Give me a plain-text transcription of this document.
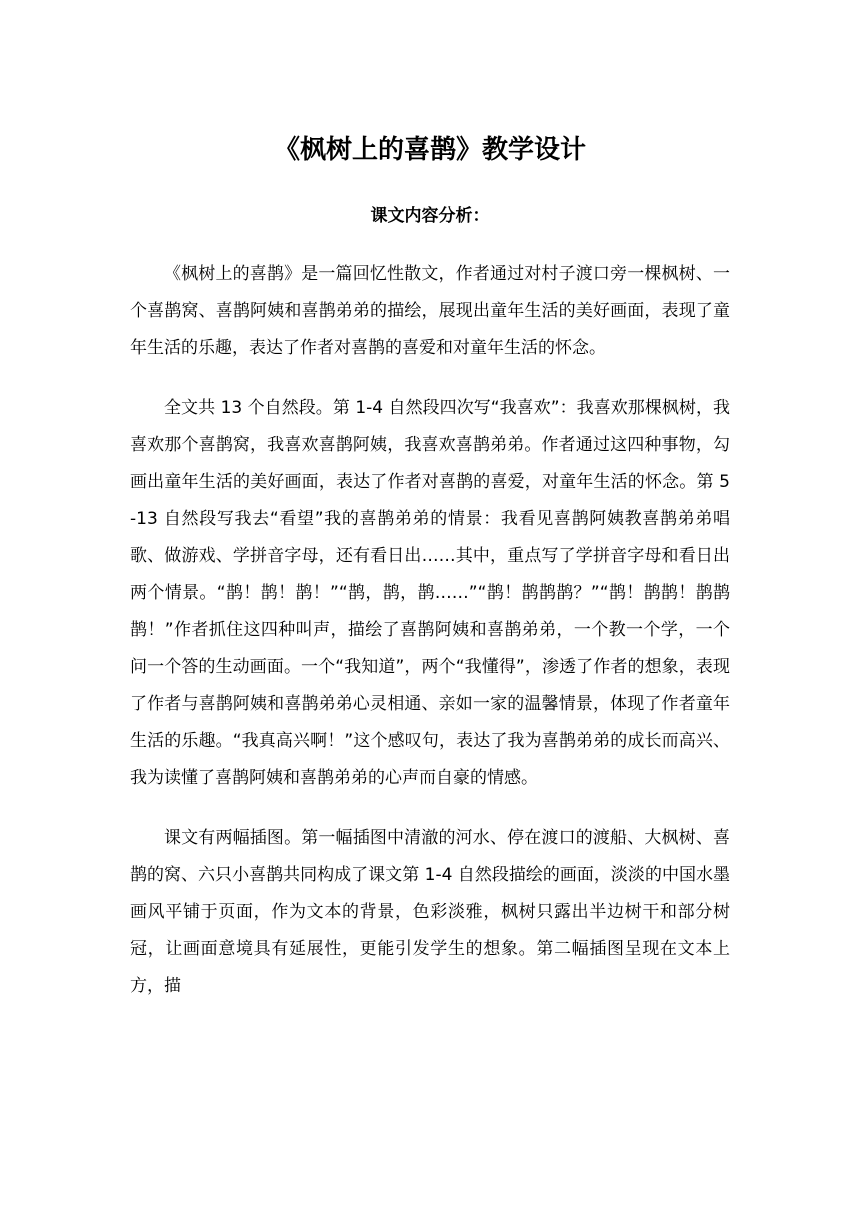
《枫树上的喜鹊》教学设计
课文内容分析：

《枫树上的喜鹊》是一篇回忆性散文，作者通过对村子渡口旁一棵枫树、一个喜鹊窝、喜鹊阿姨和喜鹊弟弟的描绘，展现出童年生活的美好画面，表现了童年生活的乐趣，表达了作者对喜鹊的喜爱和对童年生活的怀念。

全文共 13 个自然段。第 1-4 自然段四次写“我喜欢”：我喜欢那棵枫树，我喜欢那个喜鹊窝，我喜欢喜鹊阿姨，我喜欢喜鹊弟弟。作者通过这四种事物，勾画出童年生活的美好画面，表达了作者对喜鹊的喜爱，对童年生活的怀念。第 5-13 自然段写我去“看望”我的喜鹊弟弟的情景：我看见喜鹊阿姨教喜鹊弟弟唱歌、做游戏、学拼音字母，还有看日出……其中，重点写了学拼音字母和看日出两个情景。“鹊！鹊！鹊！”“鹊，鹊，鹊……”“鹊！鹊鹊鹊？”“鹊！鹊鹊！鹊鹊鹊！”作者抓住这四种叫声，描绘了喜鹊阿姨和喜鹊弟弟，一个教一个学，一个问一个答的生动画面。一个“我知道”，两个“我懂得”，渗透了作者的想象，表现了作者与喜鹊阿姨和喜鹊弟弟心灵相通、亲如一家的温馨情景，体现了作者童年生活的乐趣。“我真高兴啊！”这个感叹句，表达了我为喜鹊弟弟的成长而高兴、我为读懂了喜鹊阿姨和喜鹊弟弟的心声而自豪的情感。

课文有两幅插图。第一幅插图中清澈的河水、停在渡口的渡船、大枫树、喜鹊的窝、六只小喜鹊共同构成了课文第 1-4 自然段描绘的画面，淡淡的中国水墨画风平铺于页面，作为文本的背景，色彩淡雅，枫树只露出半边树干和部分树冠，让画面意境具有延展性，更能引发学生的想象。第二幅插图呈现在文本上方，描
